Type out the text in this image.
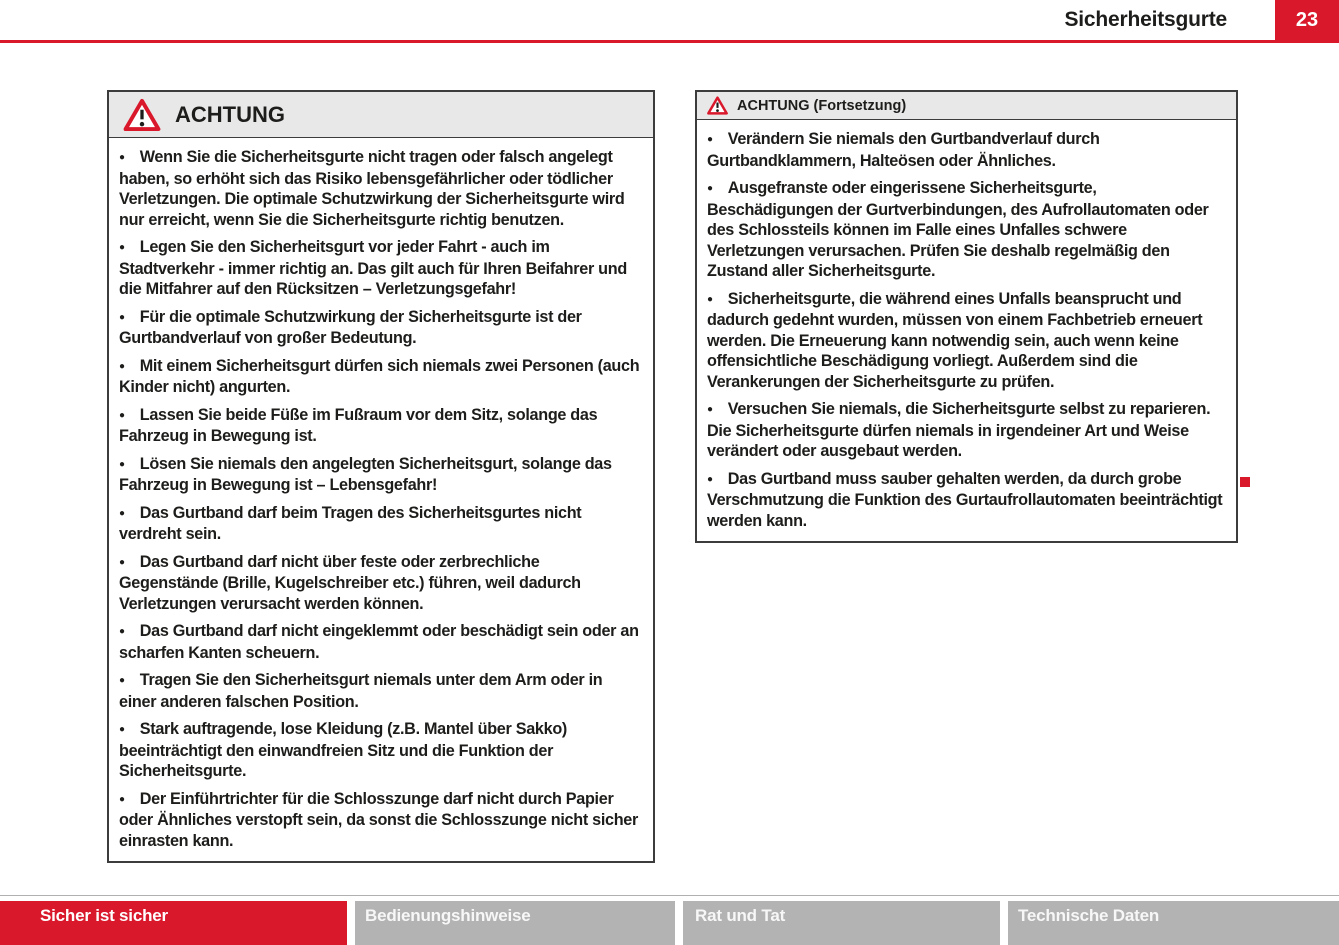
Sicherheitsgurte	23
ACHTUNG

● Wenn Sie die Sicherheitsgurte nicht tragen oder falsch angelegt haben, so erhöht sich das Risiko lebensgefährlicher oder tödlicher Verletzungen. Die optimale Schutzwirkung der Sicherheitsgurte wird nur erreicht, wenn Sie die Sicherheitsgurte richtig benutzen.

● Legen Sie den Sicherheitsgurt vor jeder Fahrt - auch im Stadtverkehr - immer richtig an. Das gilt auch für Ihren Beifahrer und die Mitfahrer auf den Rücksitzen – Verletzungsgefahr!

● Für die optimale Schutzwirkung der Sicherheitsgurte ist der Gurtbandverlauf von großer Bedeutung.

● Mit einem Sicherheitsgurt dürfen sich niemals zwei Personen (auch Kinder nicht) angurten.

● Lassen Sie beide Füße im Fußraum vor dem Sitz, solange das Fahrzeug in Bewegung ist.

● Lösen Sie niemals den angelegten Sicherheitsgurt, solange das Fahrzeug in Bewegung ist – Lebensgefahr!

● Das Gurtband darf beim Tragen des Sicherheitsgurtes nicht verdreht sein.

● Das Gurtband darf nicht über feste oder zerbrechliche Gegenstände (Brille, Kugelschreiber etc.) führen, weil dadurch Verletzungen verursacht werden können.

● Das Gurtband darf nicht eingeklemmt oder beschädigt sein oder an scharfen Kanten scheuern.

● Tragen Sie den Sicherheitsgurt niemals unter dem Arm oder in einer anderen falschen Position.

● Stark auftragende, lose Kleidung (z.B. Mantel über Sakko) beeinträchtigt den einwandfreien Sitz und die Funktion der Sicherheitsgurte.

● Der Einführtrichter für die Schlosszunge darf nicht durch Papier oder Ähnliches verstopft sein, da sonst die Schlosszunge nicht sicher einrasten kann.

ACHTUNG (Fortsetzung)

● Verändern Sie niemals den Gurtbandverlauf durch Gurtbandklammern, Halteösen oder Ähnliches.

● Ausgefranste oder eingerissene Sicherheitsgurte, Beschädigungen der Gurtverbindungen, des Aufrollautomaten oder des Schlossteils können im Falle eines Unfalles schwere Verletzungen verursachen. Prüfen Sie deshalb regelmäßig den Zustand aller Sicherheitsgurte.

● Sicherheitsgurte, die während eines Unfalls beansprucht und dadurch gedehnt wurden, müssen von einem Fachbetrieb erneuert werden. Die Erneuerung kann notwendig sein, auch wenn keine offensichtliche Beschädigung vorliegt. Außerdem sind die Verankerungen der Sicherheitsgurte zu prüfen.

● Versuchen Sie niemals, die Sicherheitsgurte selbst zu reparieren. Die Sicherheitsgurte dürfen niemals in irgendeiner Art und Weise verändert oder ausgebaut werden.

● Das Gurtband muss sauber gehalten werden, da durch grobe Verschmutzung die Funktion des Gurtaufrollautomaten beeinträchtigt werden kann.

Sicher ist sicher	Bedienungshinweise	Rat und Tat	Technische Daten
